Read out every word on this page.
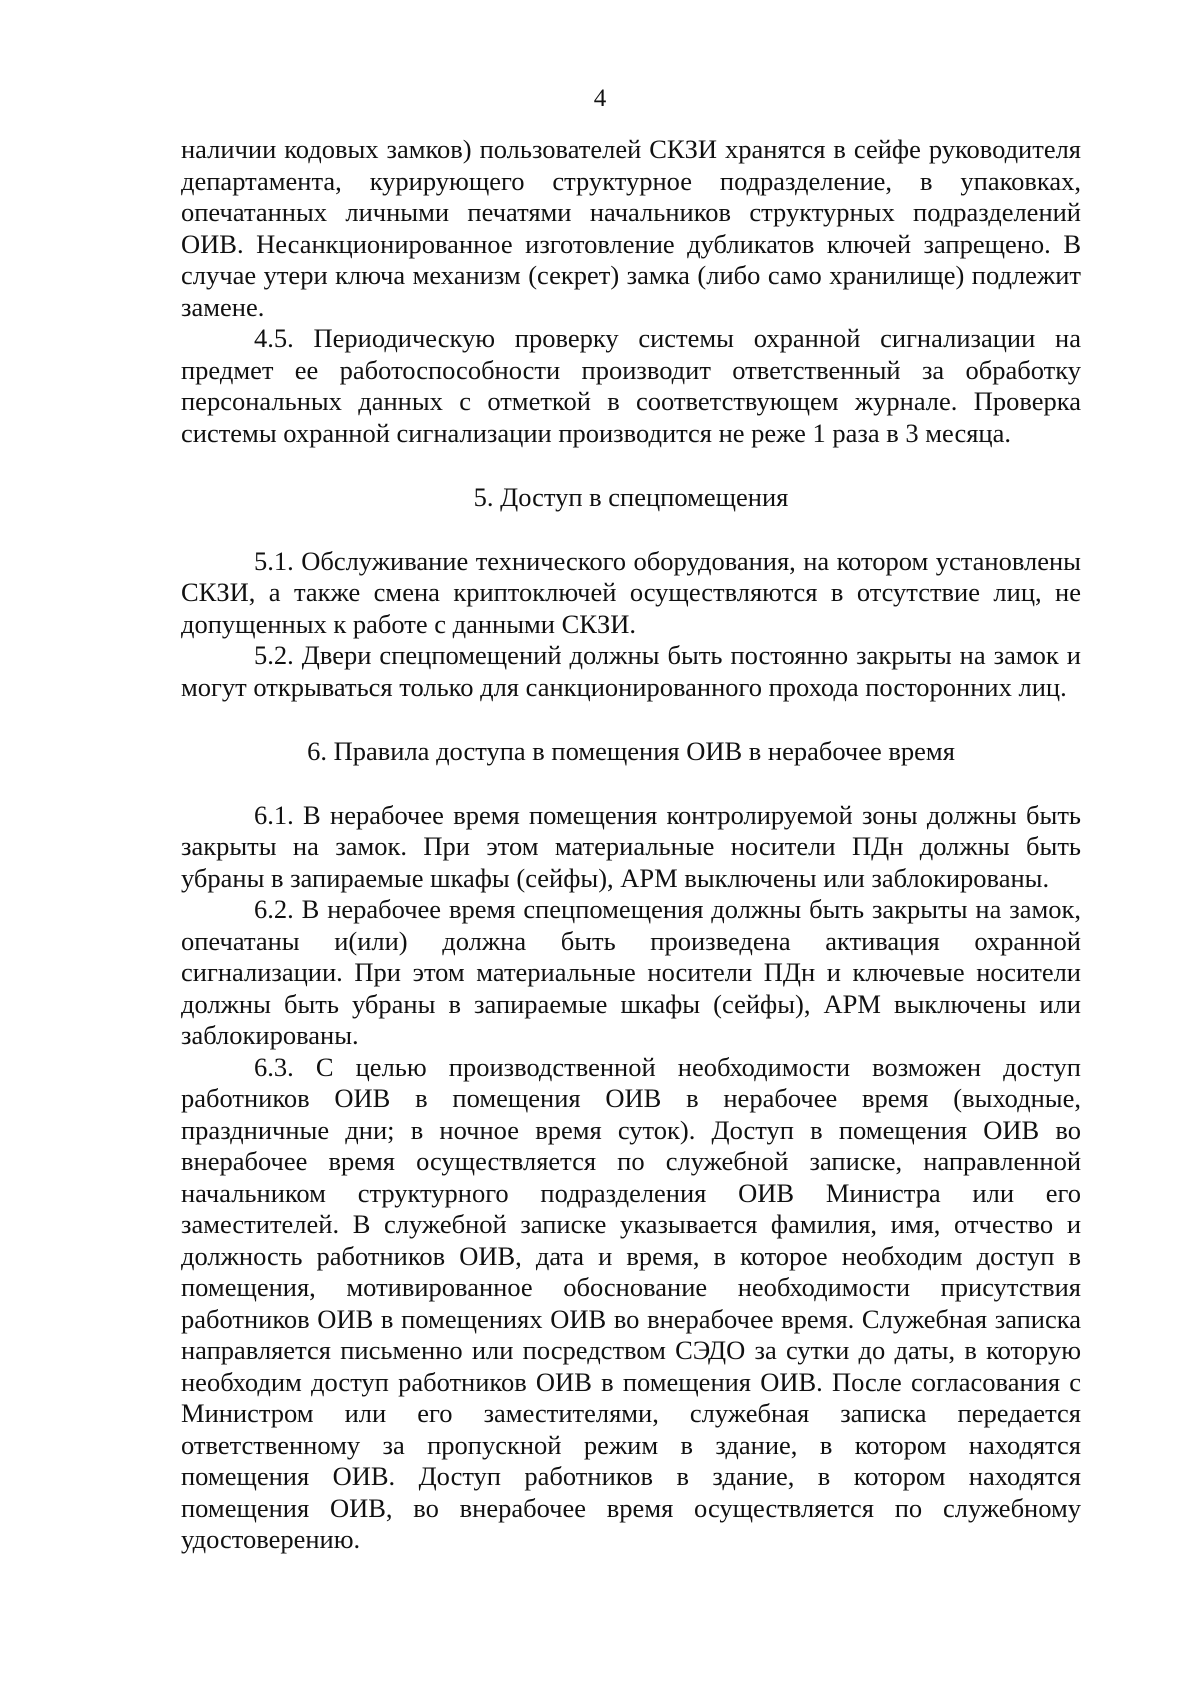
4

наличии кодовых замков) пользователей СКЗИ хранятся в сейфе руководителя департамента, курирующего структурное подразделение, в упаковках, опечатанных личными печатями начальников структурных подразделений ОИВ. Несанкционированное изготовление дубликатов ключей запрещено. В случае утери ключа механизм (секрет) замка (либо само хранилище) подлежит замене.

4.5. Периодическую проверку системы охранной сигнализации на предмет ее работоспособности производит ответственный за обработку персональных данных с отметкой в соответствующем журнале. Проверка системы охранной сигнализации производится не реже 1 раза в 3 месяца.

5. Доступ в спецпомещения

5.1. Обслуживание технического оборудования, на котором установлены СКЗИ, а также смена криптоключей осуществляются в отсутствие лиц, не допущенных к работе с данными СКЗИ.

5.2. Двери спецпомещений должны быть постоянно закрыты на замок и могут открываться только для санкционированного прохода посторонних лиц.

6. Правила доступа в помещения ОИВ в нерабочее время

6.1. В нерабочее время помещения контролируемой зоны должны быть закрыты на замок. При этом материальные носители ПДн должны быть убраны в запираемые шкафы (сейфы), АРМ выключены или заблокированы.

6.2. В нерабочее время спецпомещения должны быть закрыты на замок, опечатаны и(или) должна быть произведена активация охранной сигнализации. При этом материальные носители ПДн и ключевые носители должны быть убраны в запираемые шкафы (сейфы), АРМ выключены или заблокированы.

6.3. С целью производственной необходимости возможен доступ работников ОИВ в помещения ОИВ в нерабочее время (выходные, праздничные дни; в ночное время суток). Доступ в помещения ОИВ во внерабочее время осуществляется по служебной записке, направленной начальником структурного подразделения ОИВ Министра или его заместителей. В служебной записке указывается фамилия, имя, отчество и должность работников ОИВ, дата и время, в которое необходим доступ в помещения, мотивированное обоснование необходимости присутствия работников ОИВ в помещениях ОИВ во внерабочее время. Служебная записка направляется письменно или посредством СЭДО за сутки до даты, в которую необходим доступ работников ОИВ в помещения ОИВ. После согласования с Министром или его заместителями, служебная записка передается ответственному за пропускной режим в здание, в котором находятся помещения ОИВ. Доступ работников в здание, в котором находятся помещения ОИВ, во внерабочее время осуществляется по служебному удостоверению.
